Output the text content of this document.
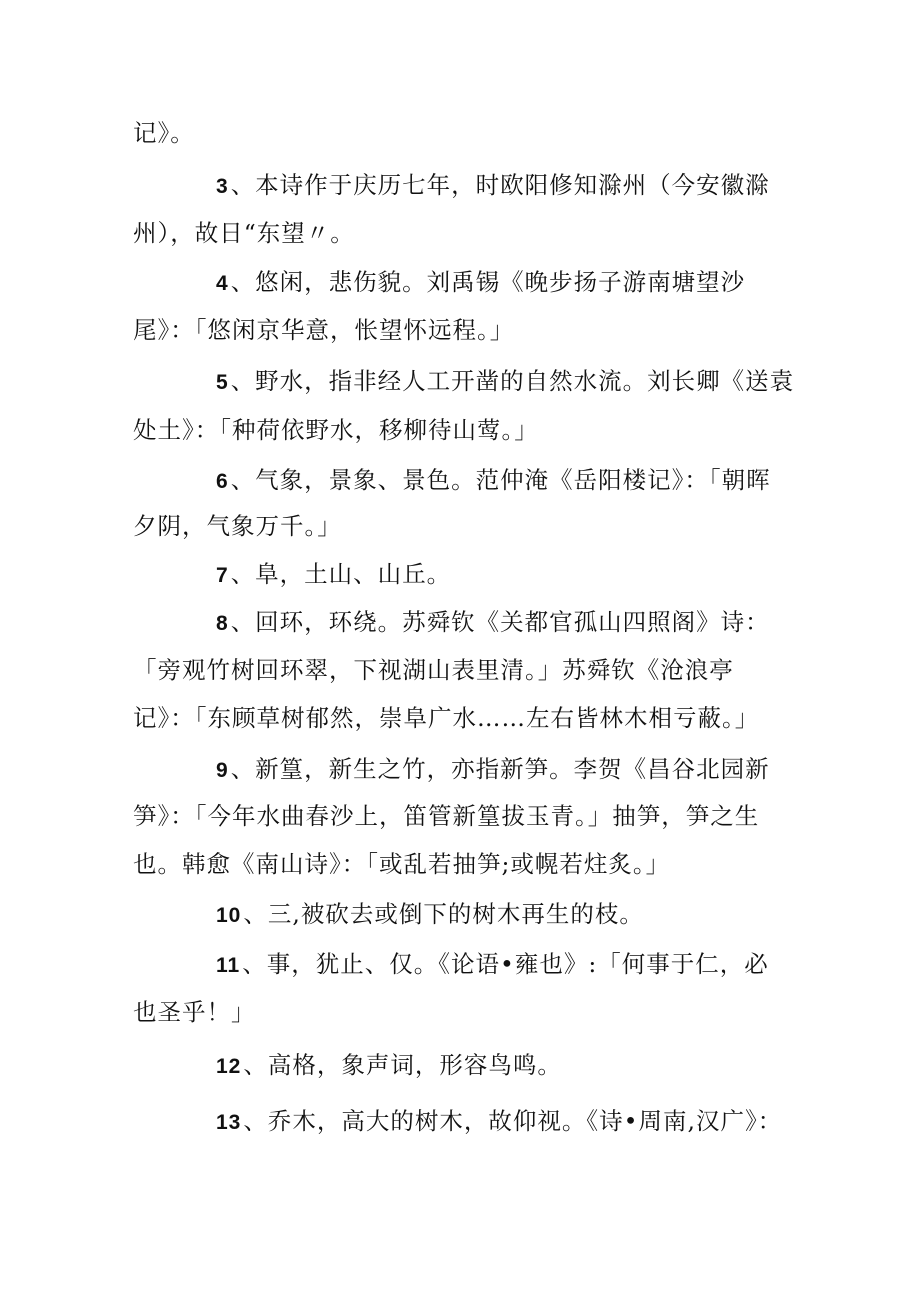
记》。
3、本诗作于庆历七年，时欧阳修知滁州（今安徽滁
州），故日“东望〃。
4、悠闲，悲伤貌。刘禹锡《晚步扬子游南塘望沙
尾》：「悠闲京华意，怅望怀远程。」
5、野水，指非经人工开凿的自然水流。刘长卿《送袁
处土》：「种荷依野水，移柳待山莺。」
6、气象，景象、景色。范仲淹《岳阳楼记》：「朝晖
夕阴，气象万千。」
7、阜，土山、山丘。
8、回环，环绕。苏舜钦《关都官孤山四照阁》诗：
「旁观竹树回环翠，下视湖山表里清。」苏舜钦《沧浪亭
记》：「东顾草树郁然，崇阜广水……左右皆林木相亏蔽。」
9、新篁，新生之竹，亦指新笋。李贺《昌谷北园新
笋》：「今年水曲春沙上，笛管新篁拔玉青。」抽笋，笋之生
也。韩愈《南山诗》：「或乱若抽笋;或幌若炷炙。」
10、三,被砍去或倒下的树木再生的枝。
11、事，犹止、仅。《论语•雍也》:「何事于仁，必
也圣乎！」
12、高格，象声词，形容鸟鸣。
13、乔木，高大的树木，故仰视。《诗•周南,汉广》：
